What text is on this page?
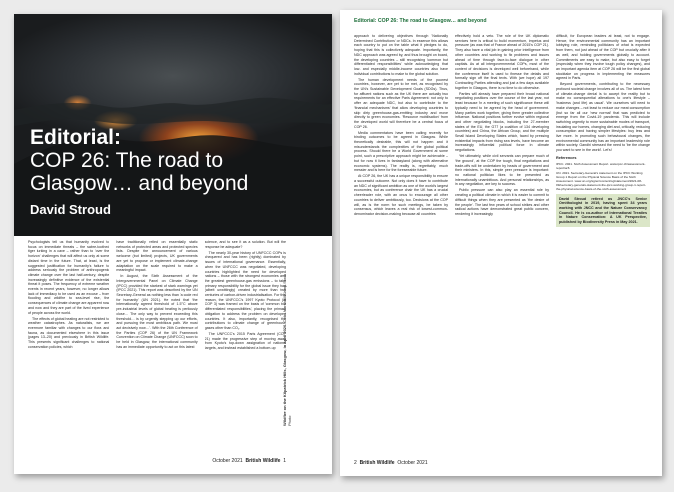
Editorial:
COP 26: The road to
Glasgow… and beyond
David Stroud

Psychologists tell us that humanity evolved to focus on immediate threats – the sabre-toothed tiger lurking in a cave – rather than to 'over the horizon' challenges that will affect us only at some distant time in the future. That, at least, is the suggested justification for humanity's failure to address seriously the problem of anthropogenic climate change over the last half-century, despite increasingly definitive evidence of the existential threat it poses. The frequency of extreme weather events in recent years, however, no longer allows lack of immediacy to be used as an excuse – from flooding and wildfire to sea-level rise, the consequences of climate change are apparent now and now and they are part of the lived experience of people across the world.

The effects of global heating are not restricted to weather catastrophes. As naturalists, we are evermore familiar with changes to our flora and fauna, as documented elsewhere in this issue (pages 13–20) and previously in British Wildlife. This presents significant challenges to national conservation policies, which

have traditionally relied on essentially static networks of protected areas and protected species lists. Despite the announcement of various welcome (but limited) projects, UK governments are yet to propose or implement climate-change adaptation on the scale required to make a meaningful impact.

In August, the Sixth Assessment of the Intergovernmental Panel on Climate Change (IPCC) provided the starkest of stark warnings yet (IPCC 2021). This report was described by the UN Secretary-General as nothing less than 'a code red for humanity' (UN 2021). He noted that 'the internationally agreed threshold of 1.5°C above pre-industrial levels of global heating is perilously close… The only way to prevent exceeding this threshold… is by urgently stepping up our efforts, and pursuing the most ambitious path. We must act decisively now…'. With the 26th Conference of the Parties (COP 26) of the UN Framework Convention on Climate Change (UNFCCC) soon to be held in Glasgow, the international community has an immediate opportunity to act on this latest

science, and to see it as a solution. But will the response be adequate?

The nearly 30-year history of UNFCCC COPs is chequered and has been (rightly) dominated by issues of international governance. Essentially, when the UNFCCC was negotiated, developing countries highlighted the need for developed nations – those with the strongest economies and the greatest greenhouse-gas emissions – to take primary responsibility for the global issue they had (albeit unwittingly) created by more than two centuries of carbon-driven industrialisation. For this reason, the UNFCCC's 1997 Kyoto Protocol (at COP 3) was framed on the basis of 'common but differentiated responsibilities', placing the primary obligation to address the problem on developed countries. It also, importantly, recognised the contributions to climate change of greenhouse gases other than CO₂.

The UNFCCC's 2015 Paris Agreement (COP 21) made the progressive step of moving away from Kyoto's top-down assignation of national targets, and instead established a bottom-up	Wildfire on the Kilpatrick Hills, Glasgow, in April 2020. Colin Marshall/Alamy Stock Photo
October 2021 British Wildlife 1
Editorial: COP 26: The road to Glasgow… and beyond

approach to delivering objectives through 'Nationally Determined Contributions' or NDCs. In essence this allows each country to put on the table what it pledges to do, hoping that this is collectively adequate. Importantly, the NDC approach was agreed by, and thus brought on board, the developing countries – still recognising 'common but differentiated responsibilities' while acknowledging that low- and especially middle-income countries also have individual contributions to make to the global solution.

The human development needs of the poorest countries, however, are yet to be met, as recognised by the UN's Sustainable Development Goals (SDGs). Thus, for affluent nations such as the UK there are actually two requirements for an effective Paris Agreement: not only to offer an adequate NDC, but also to contribute to the 'financial mechanisms' that allow developing countries to skip dirty greenhouse-gas-emitting industry and move directly to green economies. 'Resource mobilisation' from the developed world will therefore be a central focus of COP 26.

Media commentators have been calling recently for binding outcomes to be agreed in Glasgow. While theoretically desirable, this will not happen and it misunderstands the complexities of the global political process. Should there be a World Government at some point, such a prescriptive approach might be achievable – but for now it lives in fantasyland (along with alternative economic systems). The reality is, regrettably, much messier and is here for the foreseeable future.

At COP 26, the UK has a unique responsibility to ensure a successful outcome. Not only does it have to contribute an NDC of significant ambition as one of the world's largest economies, but as conference chair the UK has a crucial cheerleader role, with an onus to encourage all other countries to deliver ambitiously, too. Decisions at the COP will, as is the norm for such meetings, be taken by consensus, which leaves a real risk of lowest-common-denominator decision-making because all countries

effectively hold a veto. The role of the UK diplomatic services here is critical to build momentum, impetus and pressure (as was that of France ahead of 2015's COP 21). They also have a vital job in gaining prior intelligence from other countries and working to fix problems and issues ahead of time through face-to-face dialogue in other capitals. As at all intergovernmental COPs, most of the content of decisions is developed well beforehand, while the conference itself is used to finesse the details and formally sign off the final texts. With (we hope) all 197 Contracting Parties attending and just a few days available together in Glasgow, there is no time to do otherwise.

Parties will already have prepared their broad national negotiating positions over the course of the last year, not least because 'in a meeting of such significance these will typically need to be agreed by the head of government. Many parties work together, giving them greater collective influence. National positions further evolve within regional and other negotiating blocks, including the 27-member states of the EU, the G77 (a coalition of 134 developing countries) and China, the African Group, and the multiple Small Island Developing States which, faced by pressing existential impacts from rising sea levels, have become an increasingly influential political force in climate negotiations.

Yet ultimately, while civil servants can prepare much of 'the ground', at the COP the tough, final negotiations and trade-offs will be undertaken by heads of government and their ministers. In this, simple peer pressure is important: no national politician likes to be presented as internationally unambitious. And personal relationships, as in any negotiation, are key to success.

Public pressure can also play an essential role by creating a political climate in which it is easier to commit to difficult things when they are presented as 'the desire of the people'. The last few years of school strikes and other radical actions have demonstrated great public concern, rendering it increasingly

difficult, for European leaders at least, not to engage. Hence, the environmental community has an important lobbying role, reminding politicians of what is expected from them, not just ahead of the COP but crucially after it as well, and holding governments globally to account. Commitments are easy to make, but also easy to forget (especially when they involve tough policy changes), and an important agenda item at COP 26 will be the first global stocktake on progress in implementing the measures agreed in Paris.

Beyond governments, contributing to the necessary profound societal change involves all of us. The latest form of climate-change denial is to accept the reality but to make no consequential alterations to one's lifestyle – 'business (and life) as usual'. We ourselves will need to make changes – not least to reduce our meat consumption (but so far all our 'new normal' that was predicted to emerge from the Covid-19 pandemic. This will include switching urgently to more sustainable modes of transport, insulating our homes, changing diet and, critically, reducing consumption and having simpler lifestyles: buy less and live more. In promoting such behavioural changes, the environmental community has an important leadership role within society. Gandhi stressed the need to 'be the change you want to see in the world'. Let's!

References

IPCC. 2021. Sixth Assessment Report. www.ipcc.ch/assessment-report/ar6

UN. 2021. Secretary-General's statement on the IPCC Working Group 1 Report on the Physical Science Basis of the Sixth Assessment. www.un.org/sg/en/content/sg/statement/2021-08-09/secretary-generals-statement-the-ipcc-working-group-1-report-the-physical-science-basis-of-the-sixth-assessment

David Stroud retired as JNCC's Senior Ornithologist in 2019, having spent 34 years working with JNCC and the Nature Conservancy Council. He is co-author of International Treaties in Nature Conservation: A UK Perspective, published by Biodiversity Press in May 2021.
2 British Wildlife October 2021
